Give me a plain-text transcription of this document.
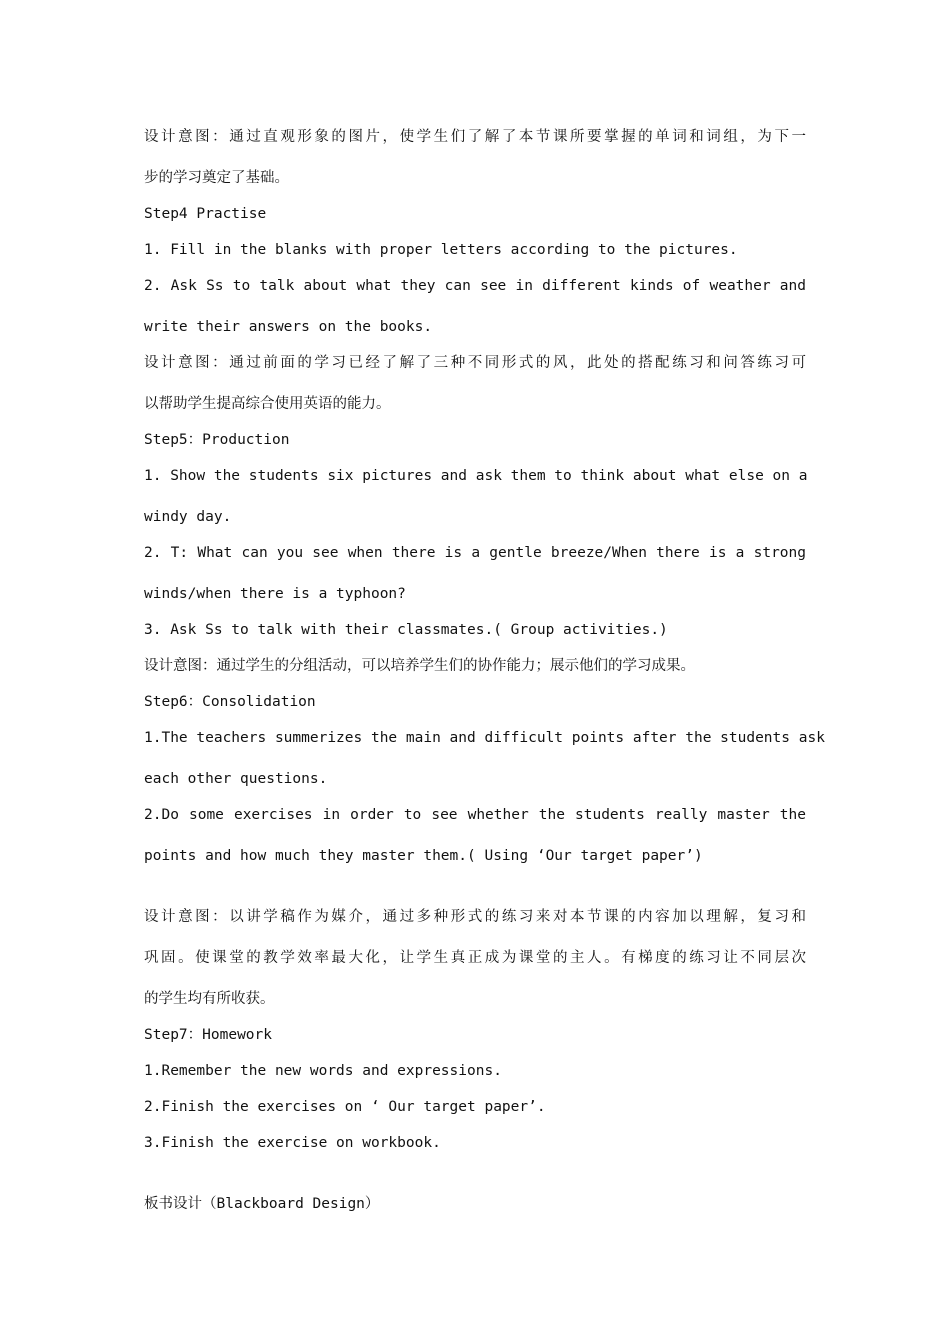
设计意图：通过直观形象的图片，使学生们了解了本节课所要掌握的单词和词组，为下一
步的学习奠定了基础。
Step4 Practise
1. Fill in the blanks with proper letters according to the pictures.
2. Ask Ss to talk about what they can see in different kinds of weather and
write their answers on the books.
设计意图：通过前面的学习已经了解了三种不同形式的风，此处的搭配练习和问答练习可
以帮助学生提高综合使用英语的能力。
Step5：Production
1. Show the students six pictures and ask them to think about what else on a
windy day.
2. T: What can you see when there is a gentle breeze/When there is a strong
winds/when there is a typhoon?
3. Ask Ss to talk with their classmates.( Group activities.)
设计意图：通过学生的分组活动，可以培养学生们的协作能力；展示他们的学习成果。
Step6：Consolidation
1.The teachers summerizes the main and difficult points after the students ask
each other questions.
2.Do some exercises in order to see whether the students really master the
points and how much they master them.( Using ‘Our target paper’)
设计意图：以讲学稿作为媒介，通过多种形式的练习来对本节课的内容加以理解，复习和
巩固。使课堂的教学效率最大化，让学生真正成为课堂的主人。有梯度的练习让不同层次
的学生均有所收获。
Step7：Homework
1.Remember the new words and expressions.
2.Finish the exercises on ‘ Our target paper’.
3.Finish the exercise on workbook.
板书设计（Blackboard Design）
